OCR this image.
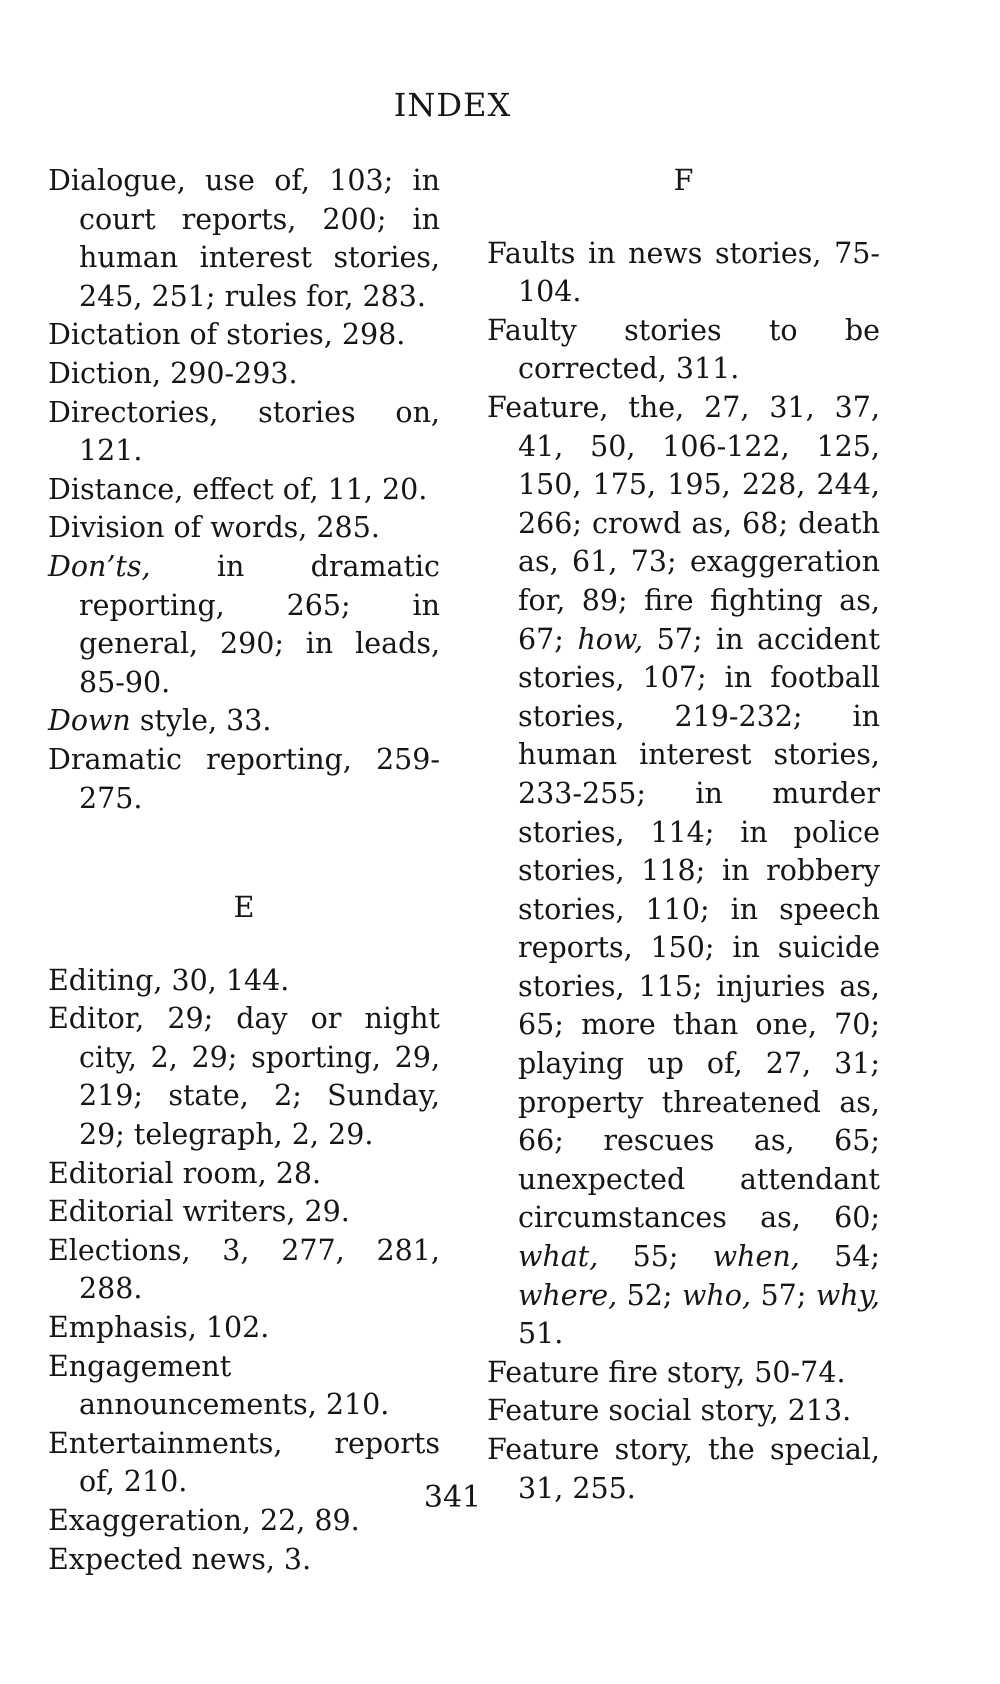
INDEX
Dialogue, use of, 103; in court reports, 200; in human interest stories, 245, 251; rules for, 283.
Dictation of stories, 298.
Diction, 290-293.
Directories, stories on, 121.
Distance, effect of, 11, 20.
Division of words, 285.
Don’ts, in dramatic reporting, 265; in general, 290; in leads, 85-90.
Down style, 33.
Dramatic reporting, 259-275.
E
Editing, 30, 144.
Editor, 29; day or night city, 2, 29; sporting, 29, 219; state, 2; Sunday, 29; telegraph, 2, 29.
Editorial room, 28.
Editorial writers, 29.
Elections, 3, 277, 281, 288.
Emphasis, 102.
Engagement announcements, 210.
Entertainments, reports of, 210.
Exaggeration, 22, 89.
Expected news, 3.
F
Faults in news stories, 75-104.
Faulty stories to be corrected, 311.
Feature, the, 27, 31, 37, 41, 50, 106-122, 125, 150, 175, 195, 228, 244, 266; crowd as, 68; death as, 61, 73; exaggeration for, 89; fire fighting as, 67; how, 57; in accident stories, 107; in football stories, 219-232; in human interest stories, 233-255; in murder stories, 114; in police stories, 118; in robbery stories, 110; in speech reports, 150; in suicide stories, 115; injuries as, 65; more than one, 70; playing up of, 27, 31; property threatened as, 66; rescues as, 65; unexpected attendant circumstances as, 60; what, 55; when, 54; where, 52; who, 57; why, 51.
Feature fire story, 50-74.
Feature social story, 213.
Feature story, the special, 31, 255.
341
